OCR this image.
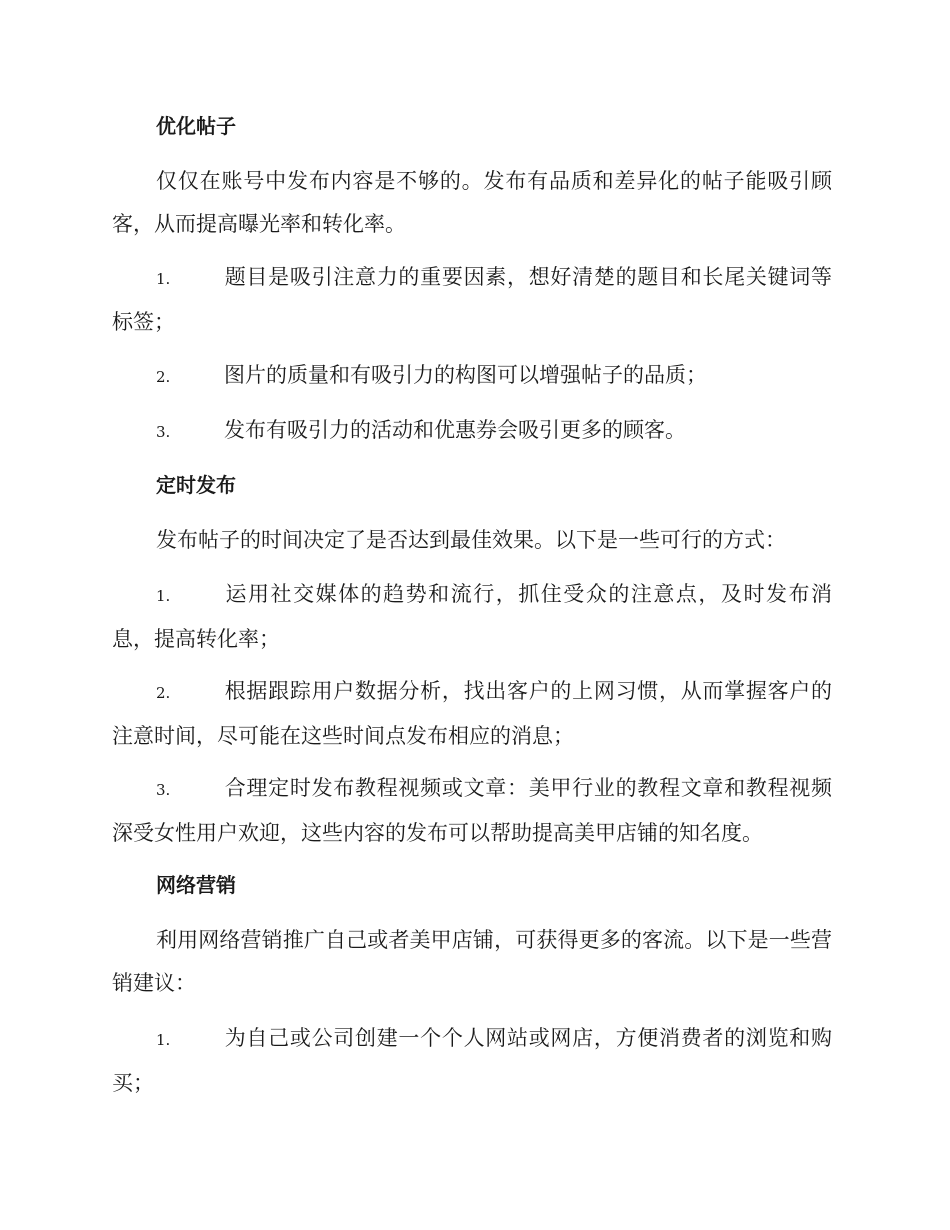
优化帖子
仅仅在账号中发布内容是不够的。发布有品质和差异化的帖子能吸引顾客，从而提高曝光率和转化率。
1.	题目是吸引注意力的重要因素，想好清楚的题目和长尾关键词等标签；
2.	图片的质量和有吸引力的构图可以增强帖子的品质；
3.	发布有吸引力的活动和优惠券会吸引更多的顾客。
定时发布
发布帖子的时间决定了是否达到最佳效果。以下是一些可行的方式：
1.	运用社交媒体的趋势和流行，抓住受众的注意点，及时发布消息，提高转化率；
2.	根据跟踪用户数据分析，找出客户的上网习惯，从而掌握客户的注意时间，尽可能在这些时间点发布相应的消息；
3.	合理定时发布教程视频或文章：美甲行业的教程文章和教程视频深受女性用户欢迎，这些内容的发布可以帮助提高美甲店铺的知名度。
网络营销
利用网络营销推广自己或者美甲店铺，可获得更多的客流。以下是一些营销建议：
1.	为自己或公司创建一个个人网站或网店，方便消费者的浏览和购买；
